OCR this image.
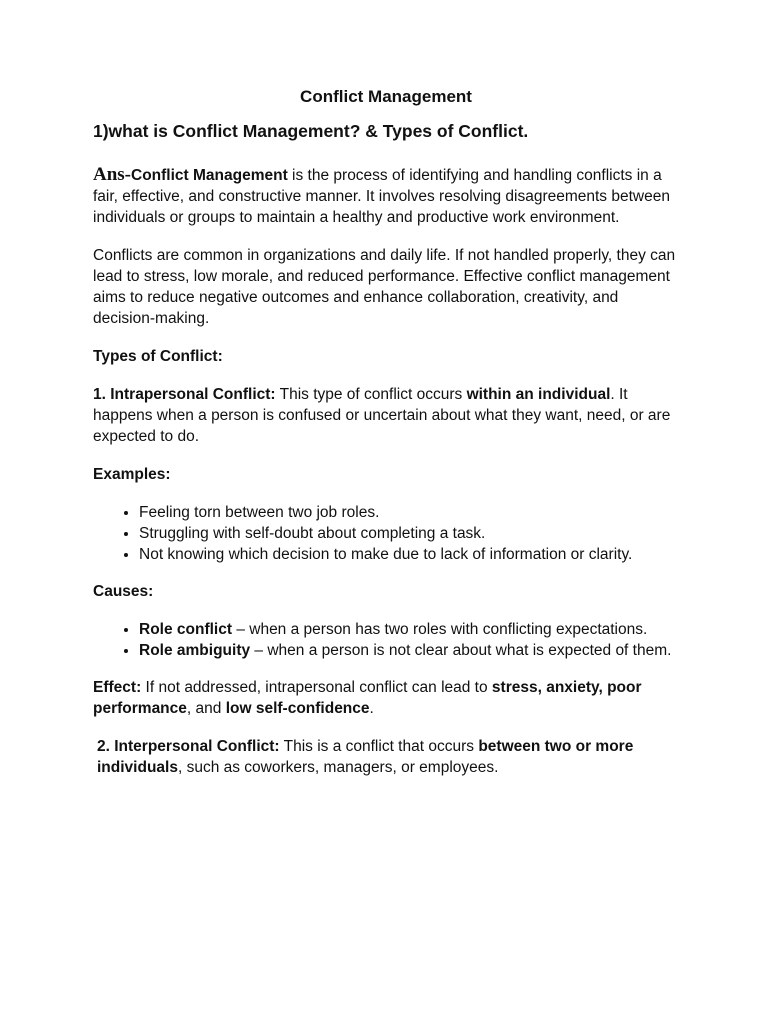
Conflict Management
1)what is Conflict Management? & Types of Conflict.

Ans-Conflict Management is the process of identifying and handling conflicts in a fair, effective, and constructive manner. It involves resolving disagreements between individuals or groups to maintain a healthy and productive work environment.

Conflicts are common in organizations and daily life. If not handled properly, they can lead to stress, low morale, and reduced performance. Effective conflict management aims to reduce negative outcomes and enhance collaboration, creativity, and decision-making.

Types of Conflict:

1. Intrapersonal Conflict: This type of conflict occurs within an individual. It happens when a person is confused or uncertain about what they want, need, or are expected to do.

Examples:

• Feeling torn between two job roles.
• Struggling with self-doubt about completing a task.
• Not knowing which decision to make due to lack of information or clarity.

Causes:

• Role conflict – when a person has two roles with conflicting expectations.
• Role ambiguity – when a person is not clear about what is expected of them.

Effect: If not addressed, intrapersonal conflict can lead to stress, anxiety, poor performance, and low self-confidence.

2. Interpersonal Conflict: This is a conflict that occurs between two or more individuals, such as coworkers, managers, or employees.
